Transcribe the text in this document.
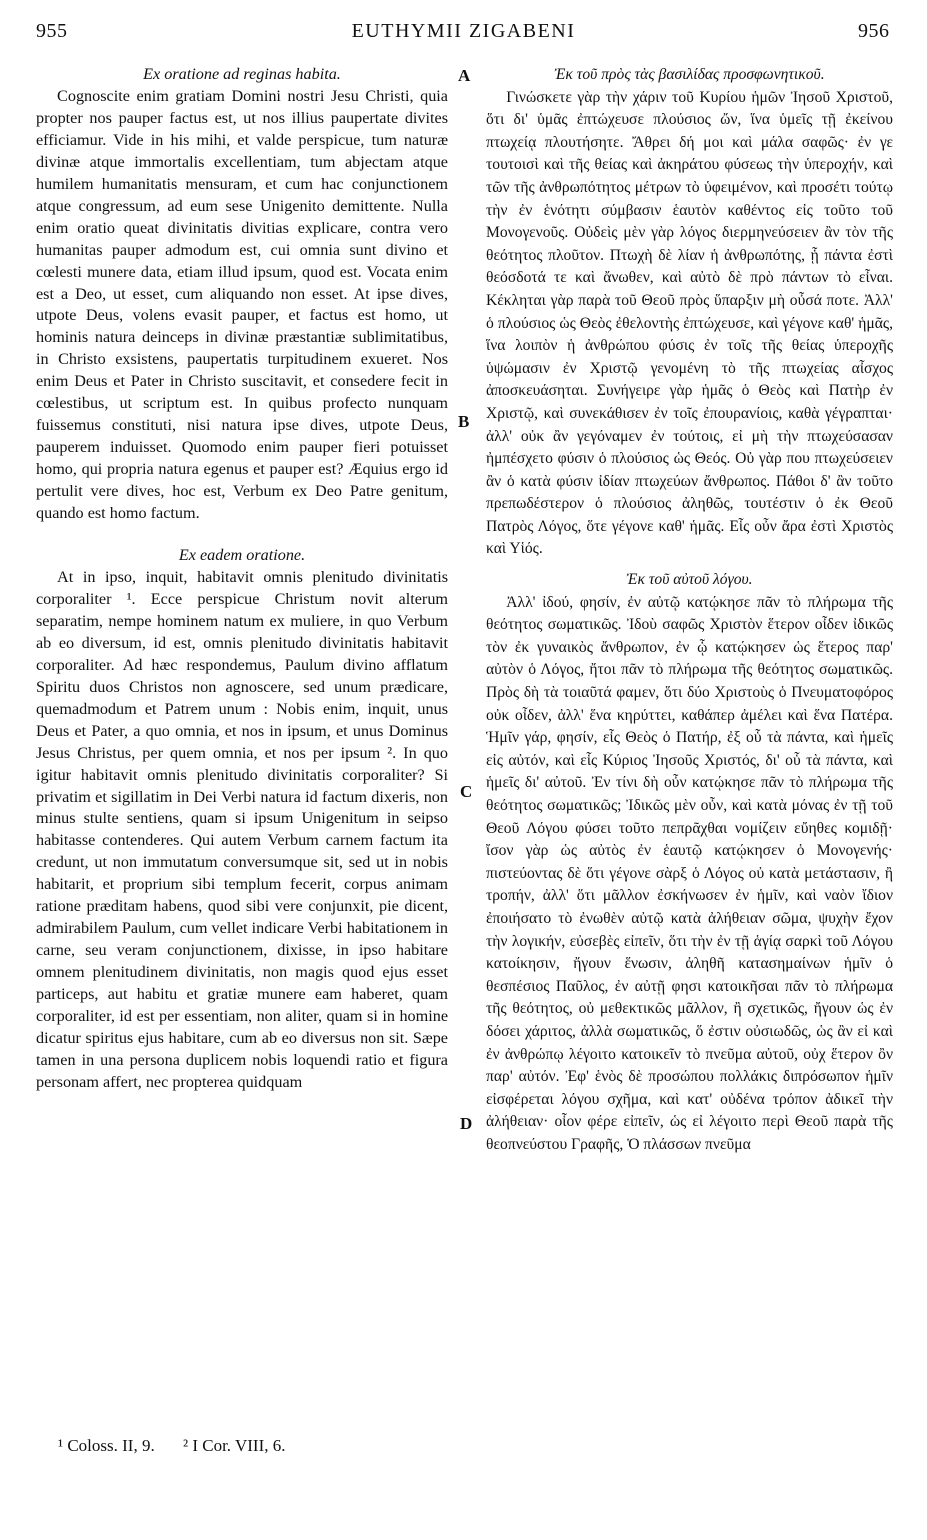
955	EUTHYMII ZIGABENI	956

Ex oratione ad reginas habita.

Cognoscite enim gratiam Domini nostri Jesu Christi, quia propter nos pauper factus est, ut nos illius paupertate divites efficiamur. Vide in his mihi, et valde perspicue, tum naturæ divinæ atque immortalis excellentiam, tum abjectam atque humilem humanitatis mensuram, et cum hac conjunctionem atque congressum, ad eum sese Unigenito demittente. Nulla enim oratio queat divinitatis divitias explicare, contra vero humanitas pauper admodum est, cui omnia sunt divino et cœlesti munere data, etiam illud ipsum, quod est. Vocata enim est a Deo, ut esset, cum aliquando non esset. At ipse dives, utpote Deus, volens evasit pauper, et factus est homo, ut hominis natura deinceps in divinæ præstantiæ sublimitatibus, in Christo exsistens, paupertatis turpitudinem exueret. Nos enim Deus et Pater in Christo suscitavit, et consedere fecit in cœlestibus, ut scriptum est. In quibus profecto nunquam fuissemus constituti, nisi natura ipse dives, utpote Deus, pauperem induisset. Quomodo enim pauper fieri potuisset homo, qui propria natura egenus et pauper est? Æquius ergo id pertulit vere dives, hoc est, Verbum ex Deo Patre genitum, quando est homo factum.

Ex eadem oratione.

At in ipso, inquit, habitavit omnis plenitudo divinitatis corporaliter ¹. Ecce perspicue Christum novit alterum separatim, nempe hominem natum ex muliere, in quo Verbum ab eo diversum, id est, omnis plenitudo divinitatis habitavit corporaliter. Ad hæc respondemus, Paulum divino afflatum Spiritu duos Christos non agnoscere, sed unum prædicare, quemadmodum et Patrem unum : Nobis enim, inquit, unus Deus et Pater, a quo omnia, et nos in ipsum, et unus Dominus Jesus Christus, per quem omnia, et nos per ipsum ². In quo igitur habitavit omnis plenitudo divinitatis corporaliter? Si privatim et sigillatim in Dei Verbi natura id factum dixeris, non minus stulte sentiens, quam si ipsum Unigenitum in seipso habitasse contenderes. Qui autem Verbum carnem factum ita credunt, ut non immutatum conversumque sit, sed ut in nobis habitarit, et proprium sibi templum fecerit, corpus animam ratione præditam habens, quod sibi vere conjunxit, pie dicent, admirabilem Paulum, cum vellet indicare Verbi habitationem in carne, seu veram conjunctionem, dixisse, in ipso habitare omnem plenitudinem divinitatis, non magis quod ejus esset particeps, aut habitu et gratiæ munere eam haberet, quam corporaliter, id est per essentiam, non aliter, quam si in homine dicatur spiritus ejus habitare, cum ab eo diversus non sit. Sæpe tamen in una persona duplicem nobis loquendi ratio et figura personam affert, nec propterea quidquam

Ἐκ τοῦ πρὸς τὰς βασιλίδας προσφωνητικοῦ.

Γινώσκετε γὰρ τὴν χάριν τοῦ Κυρίου ἡμῶν Ἰησοῦ Χριστοῦ, ὅτι δι' ὑμᾶς ἐπτώχευσε πλούσιος ὤν, ἵνα ὑμεῖς τῇ ἐκείνου πτωχείᾳ πλουτήσητε. Ἄθρει δή μοι καὶ μάλα σαφῶς· ἐν γε τουτοισὶ καὶ τῆς θείας καὶ ἀκηράτου φύσεως τὴν ὑπεροχήν, καὶ τῶν τῆς ἀνθρωπότητος μέτρων τὸ ὑφειμένον, καὶ προσέτι τούτῳ τὴν ἐν ἑνότητι σύμβασιν ἑαυτὸν καθέντος εἰς τοῦτο τοῦ Μονογενοῦς. Οὐδεὶς μὲν γὰρ λόγος διερμηνεύσειεν ἂν τὸν τῆς θεότητος πλοῦτον. Πτωχὴ δὲ λίαν ἡ ἀνθρωπότης, ᾗ πάντα ἐστὶ θεόσδοτά τε καὶ ἄνωθεν, καὶ αὐτὸ δὲ πρὸ πάντων τὸ εἶναι. Κέκληται γὰρ παρὰ τοῦ Θεοῦ πρὸς ὕπαρξιν μὴ οὖσά ποτε. Ἀλλ' ὁ πλούσιος ὡς Θεὸς ἐθελοντὴς ἐπτώχευσε, καὶ γέγονε καθ' ἡμᾶς, ἵνα λοιπὸν ἡ ἀνθρώπου φύσις ἐν τοῖς τῆς θείας ὑπεροχῆς ὑψώμασιν ἐν Χριστῷ γενομένη τὸ τῆς πτωχείας αἶσχος ἀποσκευάσηται. Συνήγειρε γὰρ ἡμᾶς ὁ Θεὸς καὶ Πατὴρ ἐν Χριστῷ, καὶ συνεκάθισεν ἐν τοῖς ἐπουρανίοις, καθὰ γέγραπται· ἀλλ' οὐκ ἂν γεγόναμεν ἐν τούτοις, εἰ μὴ τὴν πτωχεύσασαν ἠμπέσχετο φύσιν ὁ πλούσιος ὡς Θεός. Οὐ γὰρ που πτωχεύσειεν ἂν ὁ κατὰ φύσιν ἰδίαν πτωχεύων ἄνθρωπος. Πάθοι δ' ἂν τοῦτο πρεπωδέστερον ὁ πλούσιος ἀληθῶς, τουτέστιν ὁ ἐκ Θεοῦ Πατρὸς Λόγος, ὅτε γέγονε καθ' ἡμᾶς. Εἷς οὖν ἄρα ἐστὶ Χριστὸς καὶ Υἱός.

Ἐκ τοῦ αὐτοῦ λόγου.

Ἀλλ' ἰδού, φησίν, ἐν αὐτῷ κατῴκησε πᾶν τὸ πλήρωμα τῆς θεότητος σωματικῶς. Ἰδοὺ σαφῶς Χριστὸν ἕτερον οἶδεν ἰδικῶς τὸν ἐκ γυναικὸς ἄνθρωπον, ἐν ᾧ κατῴκησεν ὡς ἕτερος παρ' αὐτὸν ὁ Λόγος, ἤτοι πᾶν τὸ πλήρωμα τῆς θεότητος σωματικῶς. Πρὸς δὴ τὰ τοιαῦτά φαμεν, ὅτι δύο Χριστοὺς ὁ Πνευματοφόρος οὐκ οἶδεν, ἀλλ' ἕνα κηρύττει, καθάπερ ἀμέλει καὶ ἕνα Πατέρα. Ἡμῖν γάρ, φησίν, εἷς Θεὸς ὁ Πατήρ, ἐξ οὗ τὰ πάντα, καὶ ἡμεῖς εἰς αὐτόν, καὶ εἷς Κύριος Ἰησοῦς Χριστός, δι' οὗ τὰ πάντα, καὶ ἡμεῖς δι' αὐτοῦ. Ἐν τίνι δὴ οὖν κατῴκησε πᾶν τὸ πλήρωμα τῆς θεότητος σωματικῶς; Ἰδικῶς μὲν οὖν, καὶ κατὰ μόνας ἐν τῇ τοῦ Θεοῦ Λόγου φύσει τοῦτο πεπρᾶχθαι νομίζειν εὔηθες κομιδῇ· ἴσον γὰρ ὡς αὐτὸς ἐν ἑαυτῷ κατῴκησεν ὁ Μονογενής· πιστεύοντας δὲ ὅτι γέγονε σὰρξ ὁ Λόγος οὐ κατὰ μετάστασιν, ἢ τροπήν, ἀλλ' ὅτι μᾶλλον ἐσκήνωσεν ἐν ἡμῖν, καὶ ναὸν ἴδιον ἐποιήσατο τὸ ἐνωθὲν αὐτῷ κατὰ ἀλήθειαν σῶμα, ψυχὴν ἔχον τὴν λογικήν, εὐσεβὲς εἰπεῖν, ὅτι τὴν ἐν τῇ ἁγίᾳ σαρκὶ τοῦ Λόγου κατοίκησιν, ἤγουν ἕνωσιν, ἀληθῆ κατασημαίνων ἡμῖν ὁ θεσπέσιος Παῦλος, ἐν αὐτῇ φησι κατοικῆσαι πᾶν τὸ πλήρωμα τῆς θεότητος, οὐ μεθεκτικῶς μᾶλλον, ἢ σχετικῶς, ἤγουν ὡς ἐν δόσει χάριτος, ἀλλὰ σωματικῶς, ὅ ἐστιν οὐσιωδῶς, ὡς ἂν εἰ καὶ ἐν ἀνθρώπῳ λέγοιτο κατοικεῖν τὸ πνεῦμα αὐτοῦ, οὐχ ἕτερον ὂν παρ' αὐτόν. Ἐφ' ἑνὸς δὲ προσώπου πολλάκις διπρόσωπον ἡμῖν εἰσφέρεται λόγου σχῆμα, καὶ κατ' οὐδένα τρόπον ἀδικεῖ τὴν ἀλήθειαν· οἷον φέρε εἰπεῖν, ὡς εἰ λέγοιτο περὶ Θεοῦ παρὰ τῆς θεοπνεύστου Γραφῆς, Ὁ πλάσσων πνεῦμα

A
B
C
D
¹ Coloss. II, 9. ² I Cor. VIII, 6.
